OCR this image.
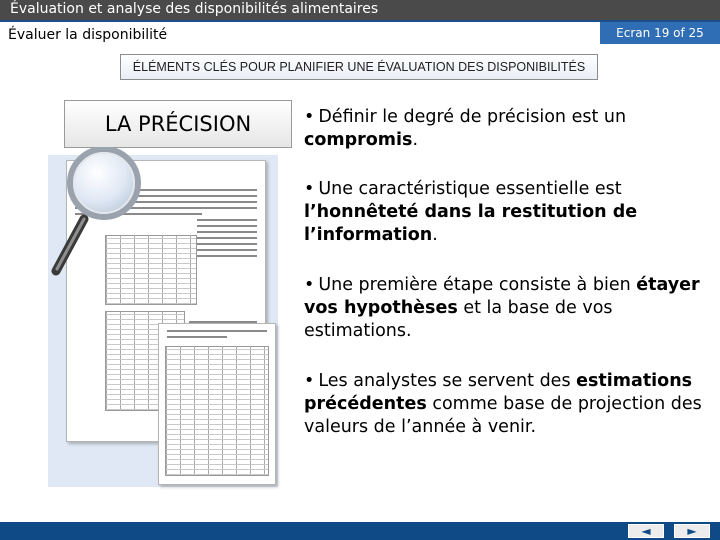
Évaluation et analyse des disponibilités alimentaires
Évaluer la disponibilité	Ecran 19 of 25
ÉLÉMENTS CLÉS POUR PLANIFIER UNE ÉVALUATION DES DISPONIBILITÉS
LA PRÉCISION	• Définir le degré de précision est un compromis.
• Une caractéristique essentielle est l’honnêteté dans la restitution de l’information.
• Une première étape consiste à bien étayer vos hypothèses et la base de vos estimations.
• Les analystes se servent des estimations précédentes comme base de projection des valeurs de l’année à venir.
◄	►
